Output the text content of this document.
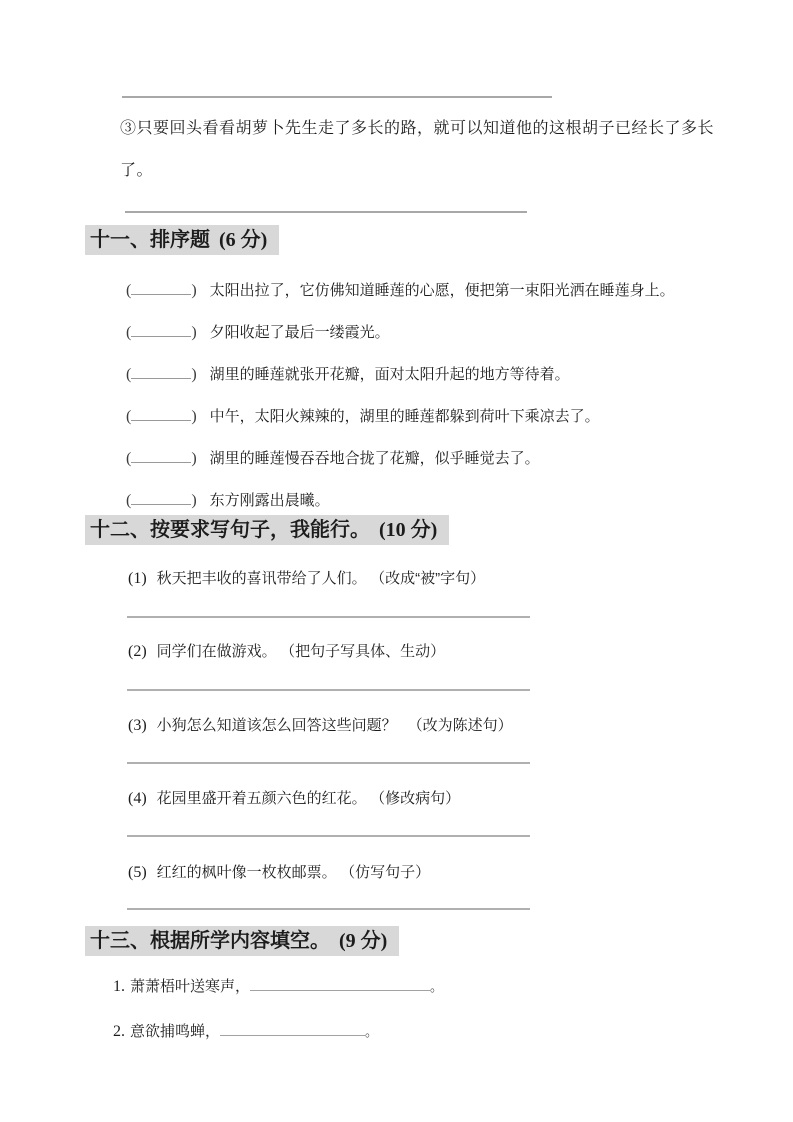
③只要回头看看胡萝卜先生走了多长的路，就可以知道他的这根胡子已经长了多长了。
十一、排序题 (6 分)
(	) 太阳出拉了，它仿佛知道睡莲的心愿，便把第一束阳光洒在睡莲身上。
(	) 夕阳收起了最后一缕霞光。
(	) 湖里的睡莲就张开花瓣，面对太阳升起的地方等待着。
(	) 中午，太阳火辣辣的，湖里的睡莲都躲到荷叶下乘凉去了。
(	) 湖里的睡莲慢吞吞地合拢了花瓣，似乎睡觉去了。
(	) 东方刚露出晨曦。
十二、按要求写句子，我能行。 (10 分)
(1) 秋天把丰收的喜讯带给了人们。 （改成“被”字句）
(2) 同学们在做游戏。 （把句子写具体、生动）
(3) 小狗怎么知道该怎么回答这些问题？ （改为陈述句）
(4) 花园里盛开着五颜六色的红花。 （修改病句）
(5) 红红的枫叶像一枚枚邮票。 （仿写句子）
十三、根据所学内容填空。 (9 分)
1. 萧萧梧叶送寒声，	。
2. 意欲捕鸣蝉，	。
